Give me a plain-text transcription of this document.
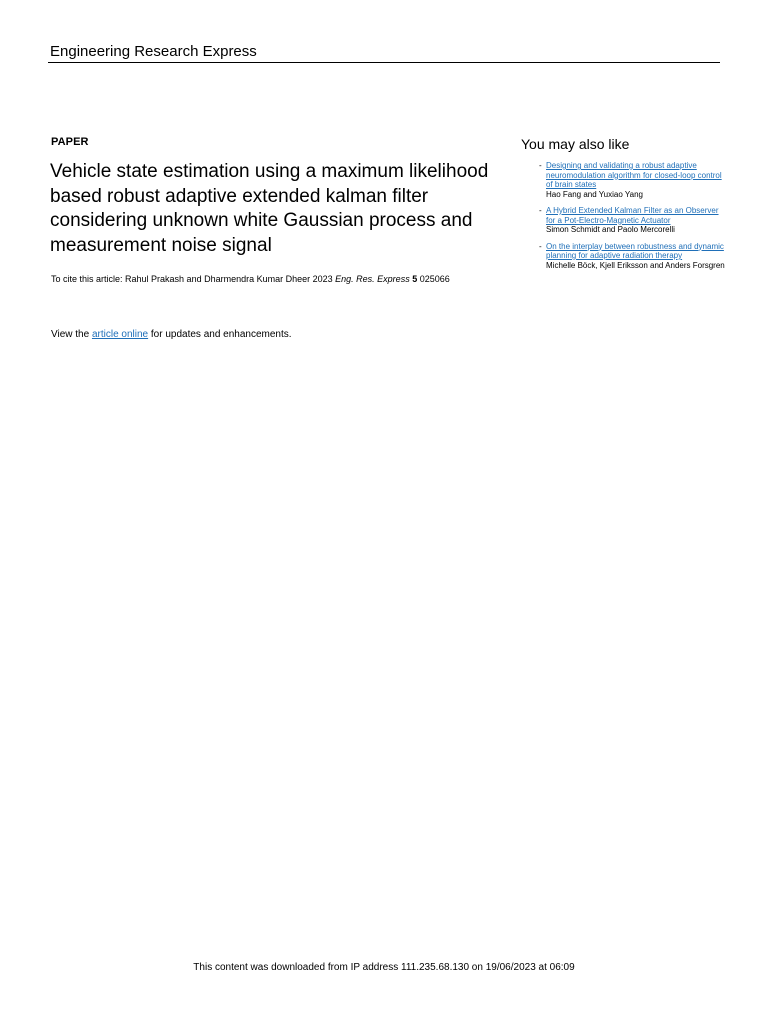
Engineering Research Express
PAPER
Vehicle state estimation using a maximum likelihood based robust adaptive extended kalman filter considering unknown white Gaussian process and measurement noise signal
To cite this article: Rahul Prakash and Dharmendra Kumar Dheer 2023 Eng. Res. Express 5 025066
View the article online for updates and enhancements.
You may also like
- Designing and validating a robust adaptive neuromodulation algorithm for closed-loop control of brain states
Hao Fang and Yuxiao Yang
- A Hybrid Extended Kalman Filter as an Observer for a Pot-Electro-Magnetic Actuator
Simon Schmidt and Paolo Mercorelli
- On the interplay between robustness and dynamic planning for adaptive radiation therapy
Michelle Böck, Kjell Eriksson and Anders Forsgren
This content was downloaded from IP address 111.235.68.130 on 19/06/2023 at 06:09
